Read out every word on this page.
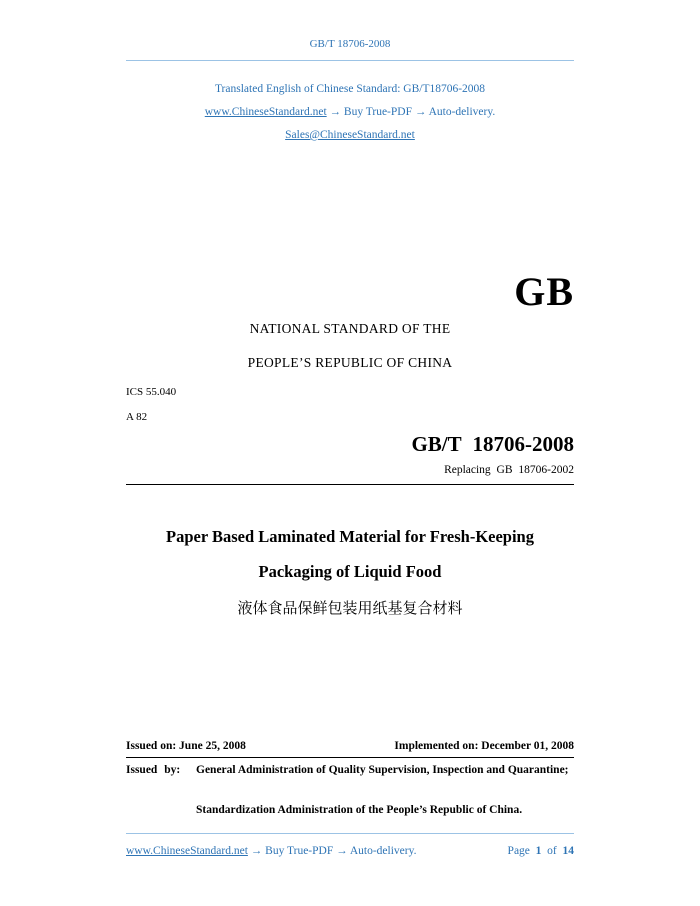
GB/T 18706-2008
Translated English of Chinese Standard: GB/T18706-2008
www.ChineseStandard.net → Buy True-PDF → Auto-delivery.
Sales@ChineseStandard.net
GB
NATIONAL STANDARD OF THE
PEOPLE’S REPUBLIC OF CHINA
ICS 55.040
A 82
GB/T 18706-2008
Replacing GB 18706-2002
Paper Based Laminated Material for Fresh-Keeping
Packaging of Liquid Food
液体食品保鲜包装用纸基复合材料
Issued on: June 25, 2008	Implemented on: December 01, 2008
Issued by: General Administration of Quality Supervision, Inspection and Quarantine;
Standardization Administration of the People’s Republic of China.
www.ChineseStandard.net → Buy True-PDF → Auto-delivery.	Page 1 of 14
